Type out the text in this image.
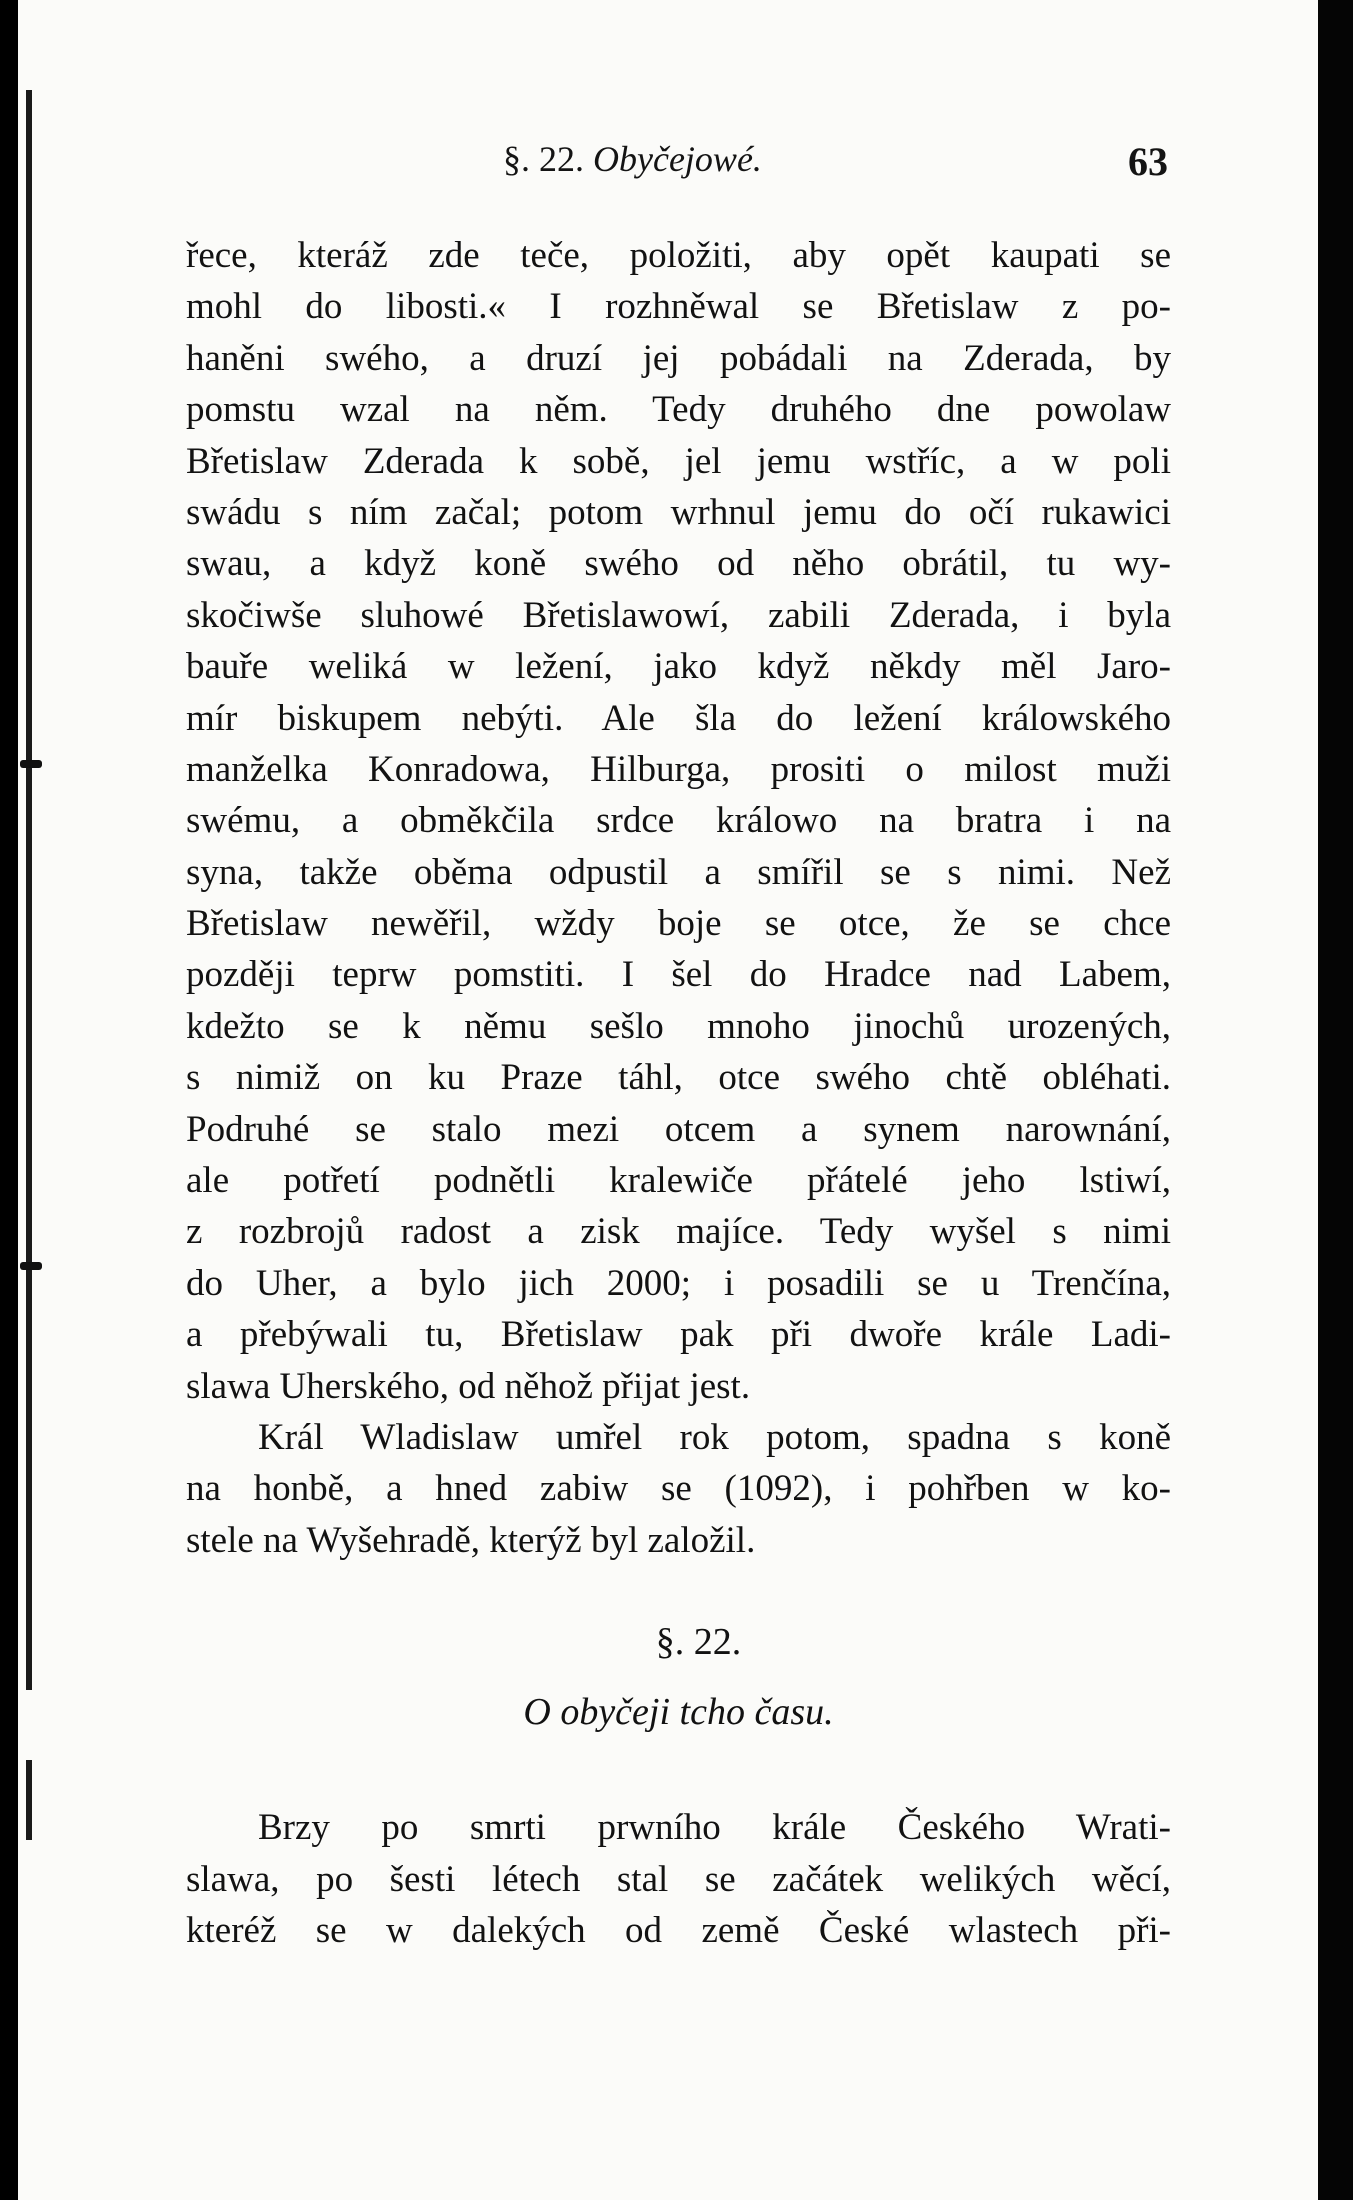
§. 22. Obyčejowé.	63
řece, kteráž zde teče, položiti, aby opět kaupati se
mohl do libosti.« I rozhněwal se Břetislaw z po-
haněni swého, a druzí jej pobádali na Zderada, by
pomstu wzal na něm. Tedy druhého dne powolaw
Břetislaw Zderada k sobě, jel jemu wstříc, a w poli
swádu s ním začal; potom wrhnul jemu do očí rukawici
swau, a když koně swého od něho obrátil, tu wy-
skočiwše sluhowé Břetislawowí, zabili Zderada, i byla
bauře weliká w ležení, jako když někdy měl Jaro-
mír biskupem nebýti. Ale šla do ležení králowského
manželka Konradowa, Hilburga, prositi o milost muži
swému, a obměkčila srdce králowo na bratra i na
syna, takže oběma odpustil a smířil se s nimi. Než
Břetislaw newěřil, wždy boje se otce, že se chce
později teprw pomstiti. I šel do Hradce nad Labem,
kdežto se k němu sešlo mnoho jinochů urozených,
s nimiž on ku Praze táhl, otce swého chtě obléhati.
Podruhé se stalo mezi otcem a synem narownání,
ale potřetí podnětli kralewiče přátelé jeho lstiwí,
z rozbrojů radost a zisk majíce. Tedy wyšel s nimi
do Uher, a bylo jich 2000; i posadili se u Trenčína,
a přebýwali tu, Břetislaw pak při dwoře krále Ladi-
slawa Uherského, od něhož přijat jest.
Král Wladislaw umřel rok potom, spadna s koně
na honbě, a hned zabiw se (1092), i pohřben w ko-
stele na Wyšehradě, kterýž byl založil.
§. 22.
O obyčeji tcho času.
Brzy po smrti prwního krále Českého Wrati-
slawa, po šesti létech stal se začátek welikých wěcí,
kteréž se w dalekých od země České wlastech při-
